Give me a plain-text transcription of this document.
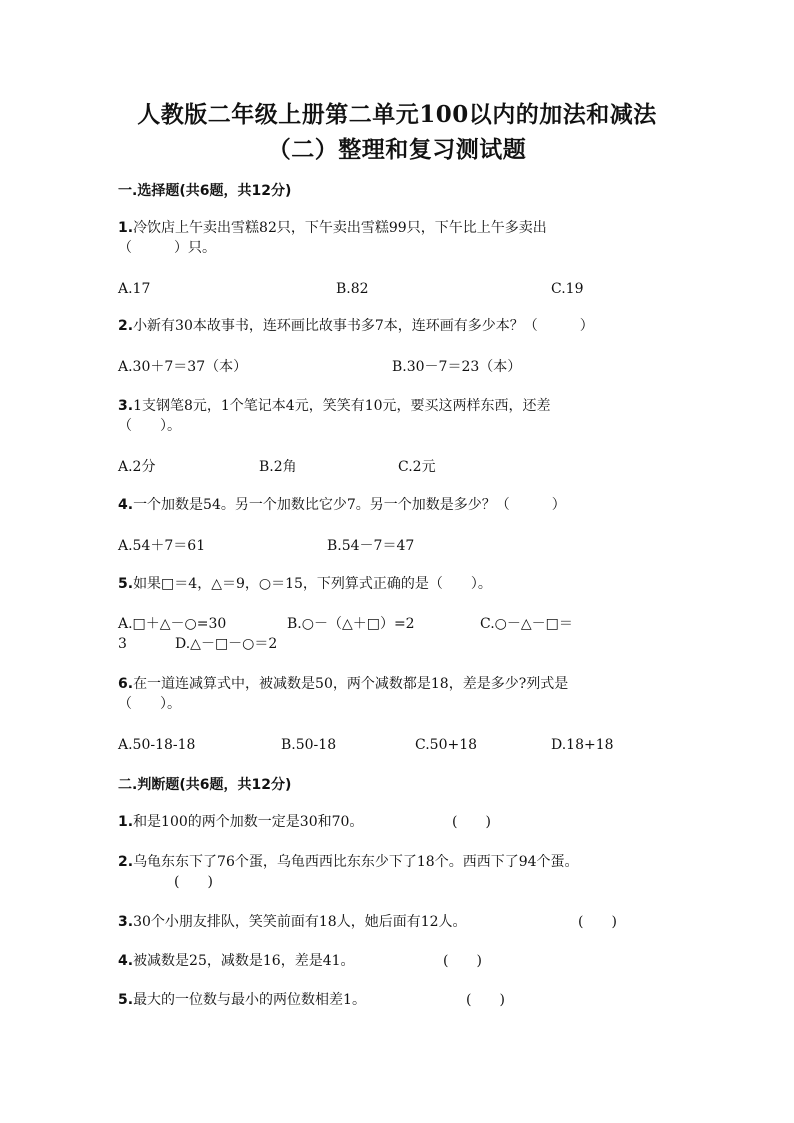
人教版二年级上册第二单元100以内的加法和减法
（二）整理和复习测试题
一.选择题(共6题，共12分)
1.冷饮店上午卖出雪糕82只，下午卖出雪糕99只，下午比上午多卖出
（　　　）只。
A.17	B.82	C.19
2.小新有30本故事书，连环画比故事书多7本，连环画有多少本？（　　　）
A.30＋7＝37（本）	B.30－7＝23（本）
3.1支钢笔8元，1个笔记本4元，笑笑有10元，要买这两样东西，还差
（　　）。
A.2分	B.2角	C.2元
4.一个加数是54。另一个加数比它少7。另一个加数是多少？（　　　）
A.54＋7＝61	B.54－7＝47
5.如果□＝4，△＝9，○＝15，下列算式正确的是（　　）。
A.□＋△－○=30	B.○－（△＋□）=2	C.○－△－□＝
3	D.△－□－○＝2
6.在一道连减算式中，被减数是50，两个减数都是18，差是多少?列式是
（　　）。
A.50-18-18	B.50-18	C.50+18	D.18+18
二.判断题(共6题，共12分)
1.和是100的两个加数一定是30和70。	(　　)
2.乌龟东东下了76个蛋，乌龟西西比东东少下了18个。西西下了94个蛋。
(　　)
3.30个小朋友排队，笑笑前面有18人，她后面有12人。	(　　)
4.被减数是25，减数是16，差是41。	(　　)
5.最大的一位数与最小的两位数相差1。	(　　)
